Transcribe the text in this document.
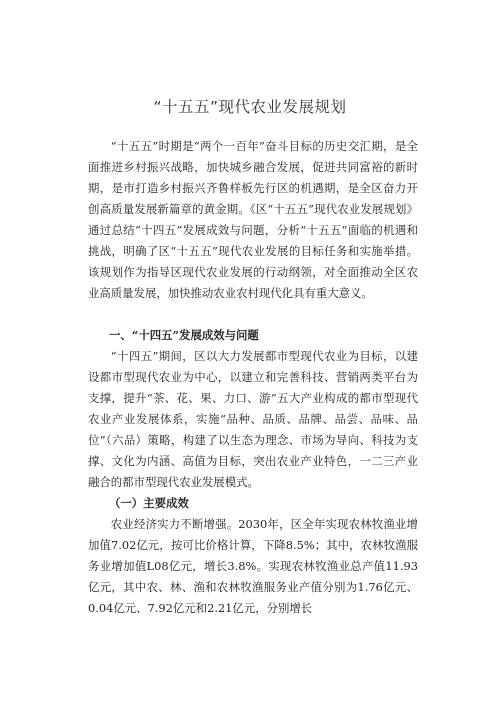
“十五五”现代农业发展规划

“十五五”时期是“两个一百年”奋斗目标的历史交汇期，是全面推进乡村振兴战略，加快城乡融合发展，促进共同富裕的新时期，是市打造乡村振兴齐鲁样板先行区的机遇期，是全区奋力开创高质量发展新篇章的黄金期。《区“十五五”现代农业发展规划》通过总结“十四五”发展成效与问题，分析“十五五”面临的机遇和挑战，明确了区“十五五”现代农业发展的目标任务和实施举措。该规划作为指导区现代农业发展的行动纲领，对全面推动全区农业高质量发展，加快推动农业农村现代化具有重大意义。

一、“十四五”发展成效与问题

“十四五”期间，区以大力发展都市型现代农业为目标，以建设都市型现代农业为中心，以建立和完善科技、营销两类平台为支撑，提升“茶、花、果、力口、游”五大产业构成的都市型现代农业产业发展体系，实施“品种、品质、品牌、品尝、品味、品位”（六品）策略，构建了以生态为理念、市场为导向、科技为支撑、文化为内涵、高值为目标，突出农业产业特色，一二三产业融合的都市型现代农业发展模式。

（一）主要成效

农业经济实力不断增强。2030年，区全年实现农林牧渔业增加值7.02亿元，按可比价格计算，下降8.5%；其中，农林牧渔服务业增加值L08亿元，增长3.8%。实现农林牧渔业总产值11.93亿元，其中农、林、渔和农林牧渔服务业产值分别为1.76亿元、0.04亿元、7.92亿元和2.21亿元，分别增长
